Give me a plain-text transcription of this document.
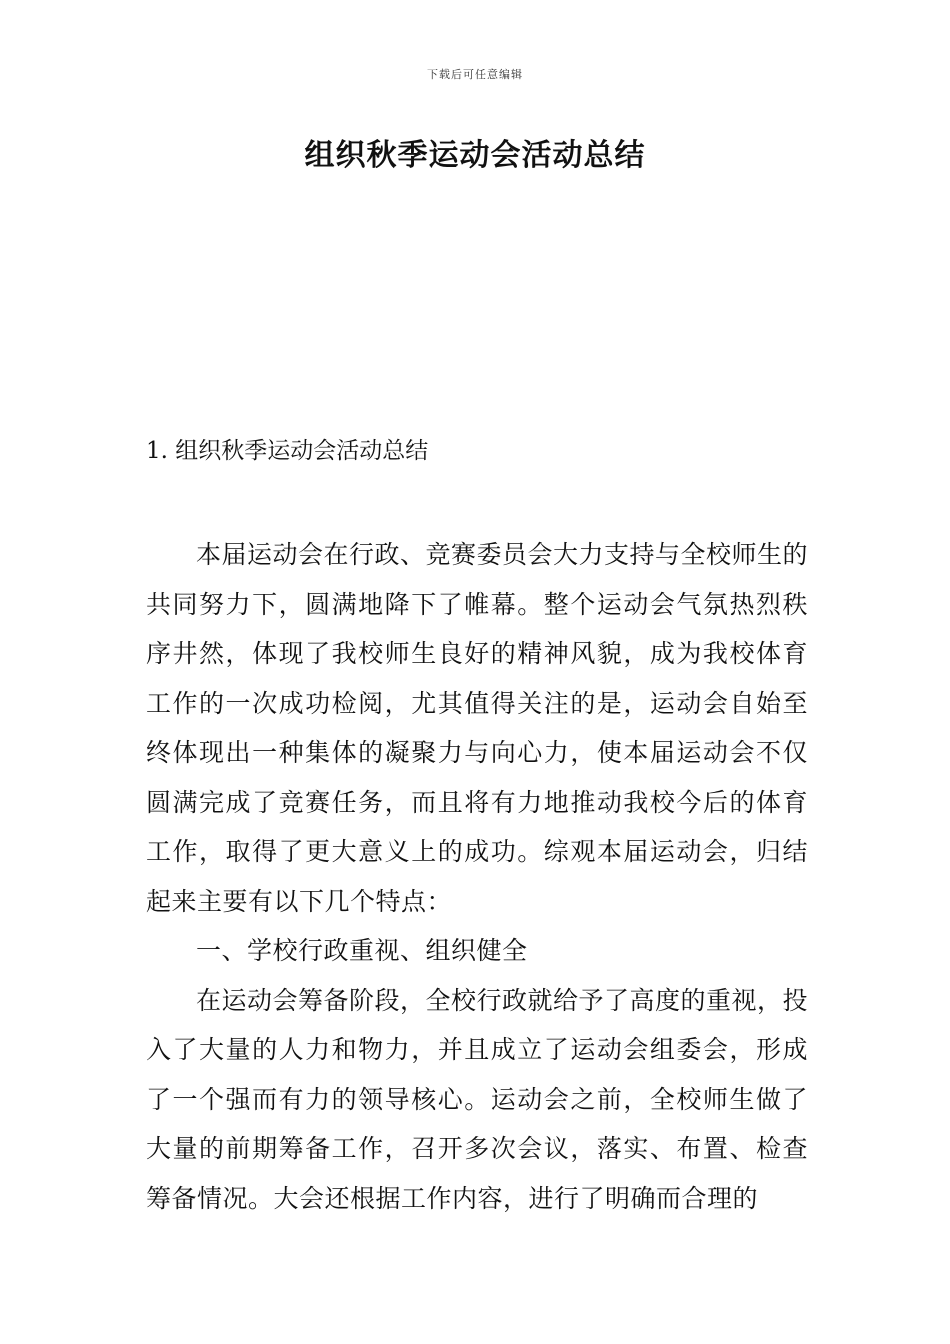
下载后可任意编辑
组织秋季运动会活动总结
1. 组织秋季运动会活动总结

本届运动会在行政、竞赛委员会大力支持与全校师生的共同努力下，圆满地降下了帷幕。整个运动会气氛热烈秩序井然，体现了我校师生良好的精神风貌，成为我校体育工作的一次成功检阅，尤其值得关注的是，运动会自始至终体现出一种集体的凝聚力与向心力，使本届运动会不仅圆满完成了竞赛任务，而且将有力地推动我校今后的体育工作，取得了更大意义上的成功。综观本届运动会，归结起来主要有以下几个特点：

一、学校行政重视、组织健全

在运动会筹备阶段，全校行政就给予了高度的重视，投入了大量的人力和物力，并且成立了运动会组委会，形成了一个强而有力的领导核心。运动会之前，全校师生做了大量的前期筹备工作，召开多次会议，落实、布置、检查筹备情况。大会还根据工作内容，进行了明确而合理的
